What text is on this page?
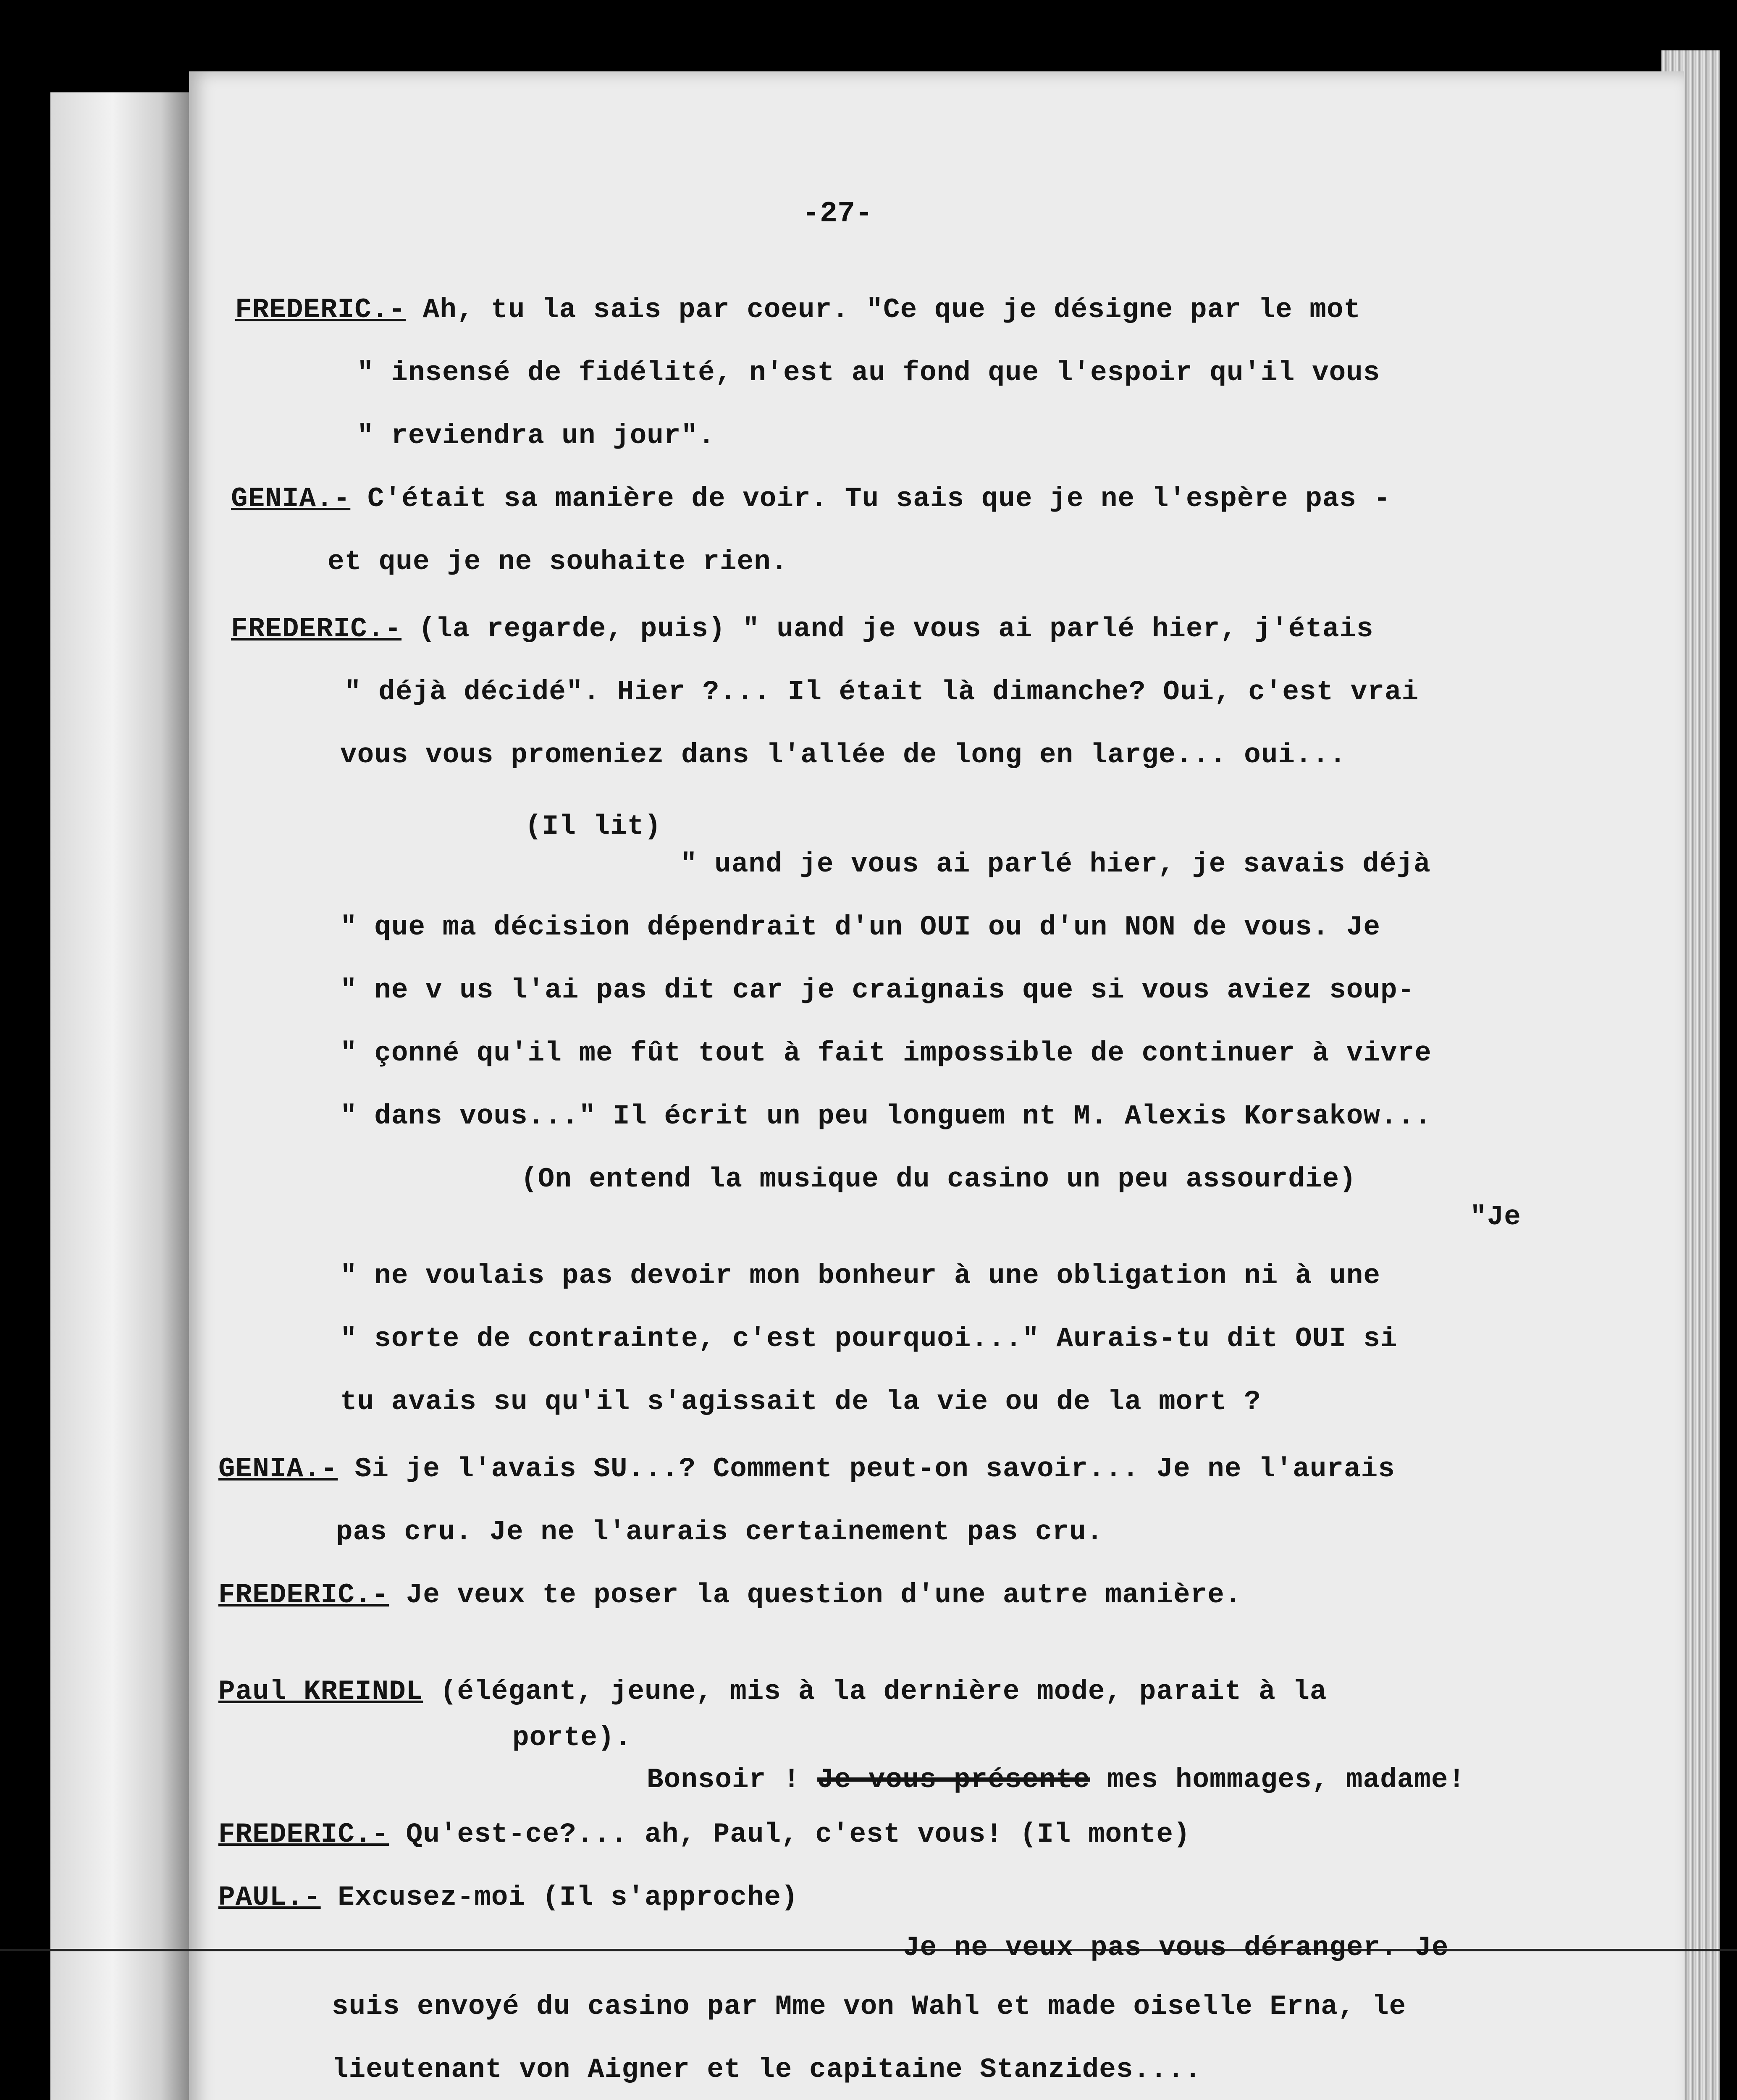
-27-
FREDERIC.- Ah, tu la sais par coeur. "Ce que je désigne par le mot
" insensé de fidélité, n'est au fond que l'espoir qu'il vous
" reviendra un jour".
GENIA.- C'était sa manière de voir. Tu sais que je ne l'espère pas -
et que je ne souhaite rien.
FREDERIC.- (la regarde, puis) " uand je vous ai parlé hier, j'étais
" déjà décidé". Hier ?... Il était là dimanche? Oui, c'est vrai
vous vous promeniez dans l'allée de long en large... oui...
(Il lit)
" uand je vous ai parlé hier, je savais déjà
" que ma décision dépendrait d'un OUI ou d'un NON de vous. Je
" ne v us l'ai pas dit car je craignais que si vous aviez soup-
" çonné qu'il me fût tout à fait impossible de continuer à vivre
" dans vous..." Il écrit un peu longuem nt M. Alexis Korsakow...
(On entend la musique du casino un peu assourdie)
"Je
" ne voulais pas devoir mon bonheur à une obligation ni à une
" sorte de contrainte, c'est pourquoi..." Aurais-tu dit OUI si
tu avais su qu'il s'agissait de la vie ou de la mort ?
GENIA.- Si je l'avais SU...? Comment peut-on savoir... Je ne l'aurais
pas cru. Je ne l'aurais certainement pas cru.
FREDERIC.- Je veux te poser la question d'une autre manière.
Paul KREINDL (élégant, jeune, mis à la dernière mode, parait à la
porte).
Bonsoir ! Je vous présente mes hommages, madame!
FREDERIC.- Qu'est-ce?... ah, Paul, c'est vous! (Il monte)
PAUL.- Excusez-moi (Il s'approche)
Je ne veux pas vous déranger. Je
suis envoyé du casino par Mme von Wahl et made oiselle Erna, le
lieutenant von Aigner et le capitaine Stanzides....
